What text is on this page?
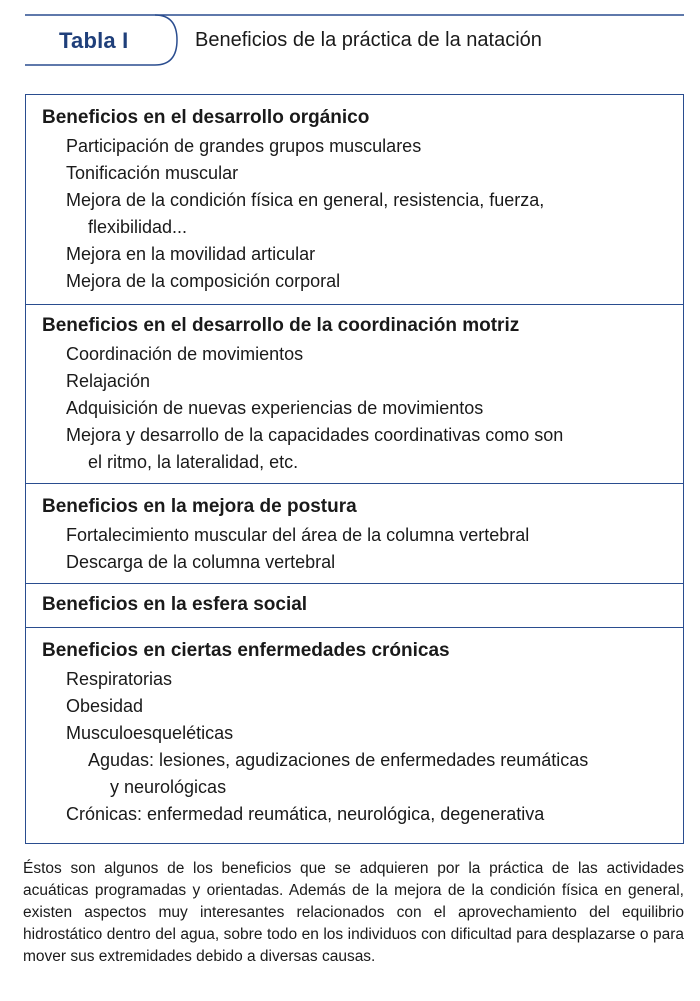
Tabla I	Beneficios de la práctica de la natación
Beneficios en el desarrollo orgánico
Participación de grandes grupos musculares
Tonificación muscular
Mejora de la condición física en general, resistencia, fuerza,
flexibilidad...
Mejora en la movilidad articular
Mejora de la composición corporal
Beneficios en el desarrollo de la coordinación motriz
Coordinación de movimientos
Relajación
Adquisición de nuevas experiencias de movimientos
Mejora y desarrollo de la capacidades coordinativas como son
el ritmo, la lateralidad, etc.
Beneficios en la mejora de postura
Fortalecimiento muscular del área de la columna vertebral
Descarga de la columna vertebral
Beneficios en la esfera social
Beneficios en ciertas enfermedades crónicas
Respiratorias
Obesidad
Musculoesqueléticas
Agudas: lesiones, agudizaciones de enfermedades reumáticas
y neurológicas
Crónicas: enfermedad reumática, neurológica, degenerativa
Éstos son algunos de los beneficios que se adquieren por la práctica de las actividades acuáticas programadas y orientadas. Además de la mejora de la condición física en general, existen aspectos muy interesantes relacionados con el aprovechamiento del equilibrio hidrostático dentro del agua, sobre todo en los individuos con dificultad para desplazarse o para mover sus extremidades debido a diversas causas.
